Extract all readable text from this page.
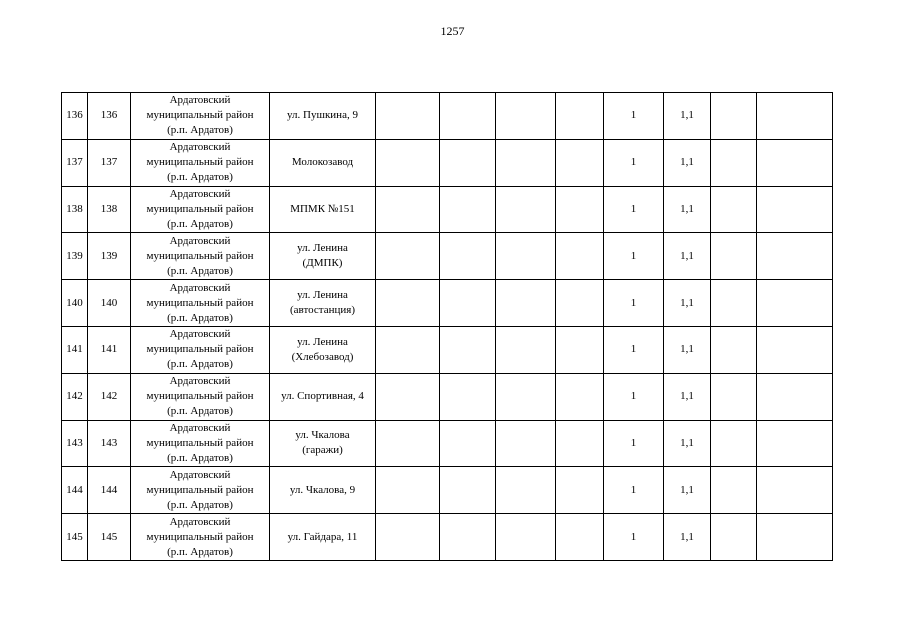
1257
136	136	Ардатовский
муниципальный район
(р.п. Ардатов)	ул. Пушкина, 9					1	1,1		
137	137	Ардатовский
муниципальный район
(р.п. Ардатов)	Молокозавод					1	1,1		
138	138	Ардатовский
муниципальный район
(р.п. Ардатов)	МПМК №151					1	1,1		
139	139	Ардатовский
муниципальный район
(р.п. Ардатов)	ул. Ленина
(ДМПК)					1	1,1		
140	140	Ардатовский
муниципальный район
(р.п. Ардатов)	ул. Ленина
(автостанция)					1	1,1		
141	141	Ардатовский
муниципальный район
(р.п. Ардатов)	ул. Ленина
(Хлебозавод)					1	1,1		
142	142	Ардатовский
муниципальный район
(р.п. Ардатов)	ул. Спортивная, 4					1	1,1		
143	143	Ардатовский
муниципальный район
(р.п. Ардатов)	ул. Чкалова
(гаражи)					1	1,1		
144	144	Ардатовский
муниципальный район
(р.п. Ардатов)	ул. Чкалова, 9					1	1,1		
145	145	Ардатовский
муниципальный район
(р.п. Ардатов)	ул. Гайдара, 11					1	1,1		
